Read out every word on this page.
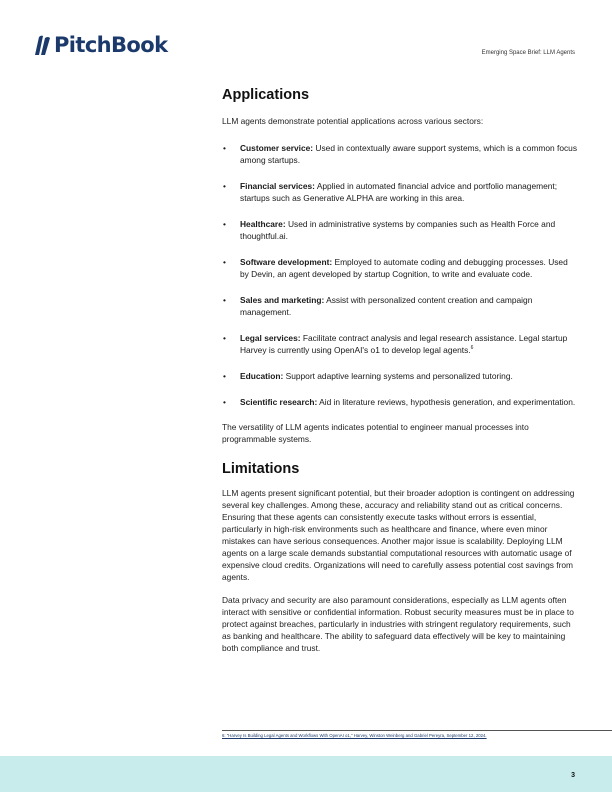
PitchBook	Emerging Space Brief: LLM Agents
Applications

LLM agents demonstrate potential applications across various sectors:

• Customer service: Used in contextually aware support systems, which is a common focus among startups.
• Financial services: Applied in automated financial advice and portfolio management; startups such as Generative ALPHA are working in this area.
• Healthcare: Used in administrative systems by companies such as Health Force and thoughtful.ai.
• Software development: Employed to automate coding and debugging processes. Used by Devin, an agent developed by startup Cognition, to write and evaluate code.
• Sales and marketing: Assist with personalized content creation and campaign management.
• Legal services: Facilitate contract analysis and legal research assistance. Legal startup Harvey is currently using OpenAI's o1 to develop legal agents.$^6$
• Education: Support adaptive learning systems and personalized tutoring.
• Scientific research: Aid in literature reviews, hypothesis generation, and experimentation.

The versatility of LLM agents indicates potential to engineer manual processes into programmable systems.

Limitations

LLM agents present significant potential, but their broader adoption is contingent on addressing several key challenges. Among these, accuracy and reliability stand out as critical concerns. Ensuring that these agents can consistently execute tasks without errors is essential, particularly in high-risk environments such as healthcare and finance, where even minor mistakes can have serious consequences. Another major issue is scalability. Deploying LLM agents on a large scale demands substantial computational resources with automatic usage of expensive cloud credits. Organizations will need to carefully assess potential cost savings from agents.

Data privacy and security are also paramount considerations, especially as LLM agents often interact with sensitive or confidential information. Robust security measures must be in place to protect against breaches, particularly in industries with stringent regulatory requirements, such as banking and healthcare. The ability to safeguard data effectively will be key to maintaining both compliance and trust.

6: "Harvey Is Building Legal Agents and Workflows With OpenAI o1," Harvey, Winston Weinberg and Gabriel Pereyra, September 12, 2024.
3
